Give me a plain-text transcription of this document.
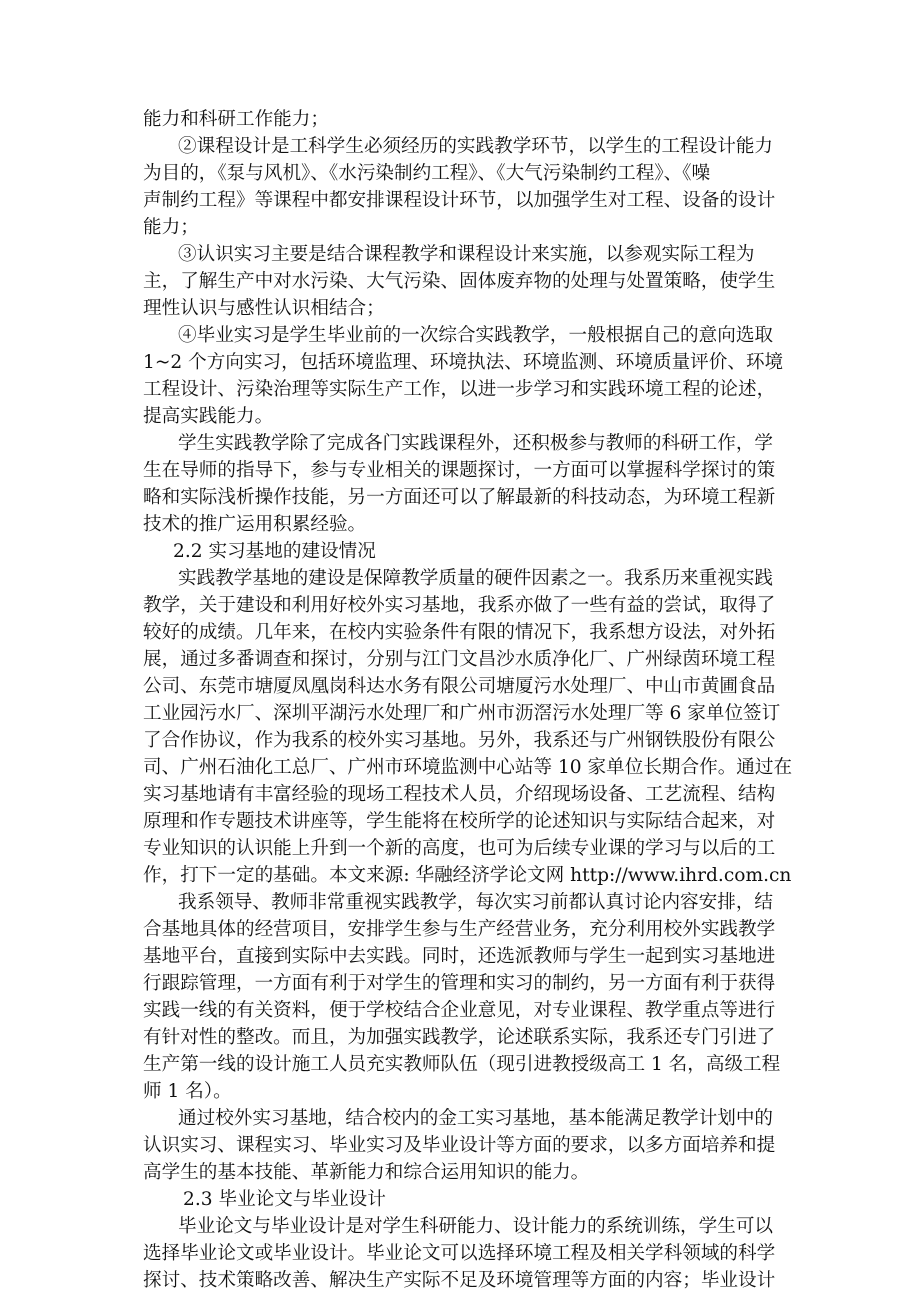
能力和科研工作能力；
②课程设计是工科学生必须经历的实践教学环节，以学生的工程设计能力
为目的，《泵与风机》、《水污染制约工程》、《大气污染制约工程》、《噪
声制约工程》等课程中都安排课程设计环节，以加强学生对工程、设备的设计
能力；
③认识实习主要是结合课程教学和课程设计来实施，以参观实际工程为
主，了解生产中对水污染、大气污染、固体废弃物的处理与处置策略，使学生
理性认识与感性认识相结合；
④毕业实习是学生毕业前的一次综合实践教学，一般根据自己的意向选取
1~2 个方向实习，包括环境监理、环境执法、环境监测、环境质量评价、环境
工程设计、污染治理等实际生产工作，以进一步学习和实践环境工程的论述，
提高实践能力。
学生实践教学除了完成各门实践课程外，还积极参与教师的科研工作，学
生在导师的指导下，参与专业相关的课题探讨，一方面可以掌握科学探讨的策
略和实际浅析操作技能，另一方面还可以了解最新的科技动态，为环境工程新
技术的推广运用积累经验。
2.2 实习基地的建设情况
实践教学基地的建设是保障教学质量的硬件因素之一。我系历来重视实践
教学，关于建设和利用好校外实习基地，我系亦做了一些有益的尝试，取得了
较好的成绩。几年来，在校内实验条件有限的情况下，我系想方设法，对外拓
展，通过多番调查和探讨，分别与江门文昌沙水质净化厂、广州绿茵环境工程
公司、东莞市塘厦凤凰岗科达水务有限公司塘厦污水处理厂、中山市黄圃食品
工业园污水厂、深圳平湖污水处理厂和广州市沥滘污水处理厂等 6 家单位签订
了合作协议，作为我系的校外实习基地。另外，我系还与广州钢铁股份有限公
司、广州石油化工总厂、广州市环境监测中心站等 10 家单位长期合作。通过在
实习基地请有丰富经验的现场工程技术人员，介绍现场设备、工艺流程、结构
原理和作专题技术讲座等，学生能将在校所学的论述知识与实际结合起来，对
专业知识的认识能上升到一个新的高度，也可为后续专业课的学习与以后的工
作，打下一定的基础。本文来源: 华融经济学论文网 http://www.ihrd.com.cn
我系领导、教师非常重视实践教学，每次实习前都认真讨论内容安排，结
合基地具体的经营项目，安排学生参与生产经营业务，充分利用校外实践教学
基地平台，直接到实际中去实践。同时，还选派教师与学生一起到实习基地进
行跟踪管理，一方面有利于对学生的管理和实习的制约，另一方面有利于获得
实践一线的有关资料，便于学校结合企业意见，对专业课程、教学重点等进行
有针对性的整改。而且，为加强实践教学，论述联系实际，我系还专门引进了
生产第一线的设计施工人员充实教师队伍（现引进教授级高工 1 名，高级工程
师 1 名）。
通过校外实习基地，结合校内的金工实习基地，基本能满足教学计划中的
认识实习、课程实习、毕业实习及毕业设计等方面的要求，以多方面培养和提
高学生的基本技能、革新能力和综合运用知识的能力。
2.3 毕业论文与毕业设计
毕业论文与毕业设计是对学生科研能力、设计能力的系统训练，学生可以
选择毕业论文或毕业设计。毕业论文可以选择环境工程及相关学科领域的科学
探讨、技术策略改善、解决生产实际不足及环境管理等方面的内容；毕业设计
